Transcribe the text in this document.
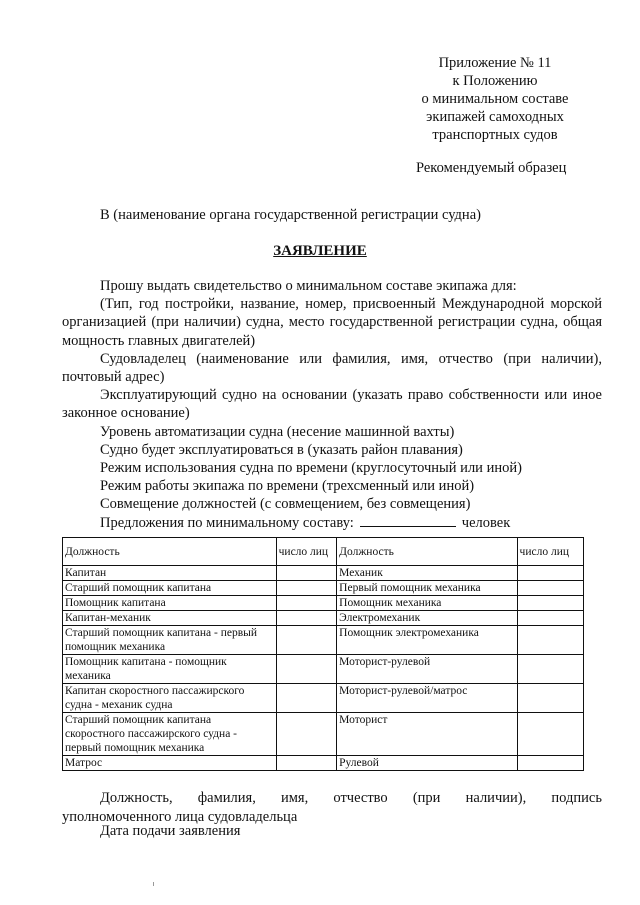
Приложение № 11
к Положению
о минимальном составе
экипажей самоходных
транспортных судов
Рекомендуемый образец
В (наименование органа государственной регистрации судна)
ЗАЯВЛЕНИЕ

Прошу выдать свидетельство о минимальном составе экипажа для:

(Тип, год постройки, название, номер, присвоенный Международной морской организацией (при наличии) судна, место государственной регистрации судна, общая мощность главных двигателей)

Судовладелец (наименование или фамилия, имя, отчество (при наличии), почтовый адрес)

Эксплуатирующий судно на основании (указать право собственности или иное законное основание)

Уровень автоматизации судна (несение машинной вахты)

Судно будет эксплуатироваться в (указать район плавания)

Режим использования судна по времени (круглосуточный или иной)

Режим работы экипажа по времени (трехсменный или иной)

Совмещение должностей (с совмещением, без совмещения)

Предложения по минимальному составу:	человек

Должность	число лиц	Должность	число лиц
Капитан		Механик	
Старший помощник капитана		Первый помощник механика	
Помощник капитана		Помощник механика	
Капитан-механик		Электромеханик	
Старший помощник капитана - первый помощник механика		Помощник электромеханика	
Помощник капитана - помощник механика		Моторист-рулевой	
Капитан скоростного пассажирского судна - механик судна		Моторист-рулевой/матрос	
Старший помощник капитана скоростного пассажирского судна - первый помощник механика		Моторист	
Матрос		Рулевой	
Должность, фамилия, имя, отчество (при наличии), подпись
уполномоченного лица судовладельца
Дата подачи заявления
